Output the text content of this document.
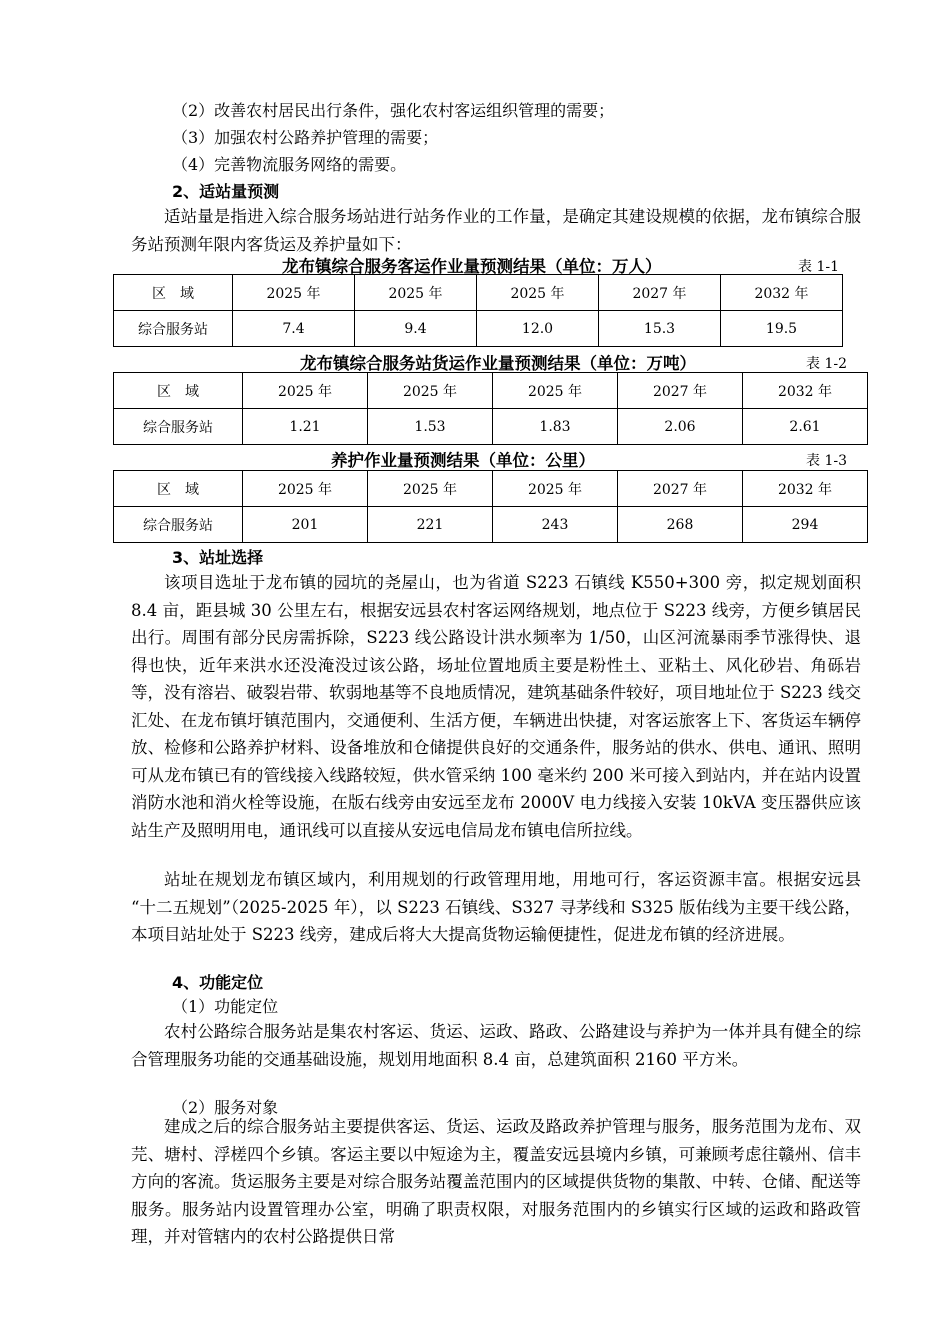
（2）改善农村居民出行条件，强化农村客运组织管理的需要；
（3）加强农村公路养护管理的需要；
（4）完善物流服务网络的需要。
2、适站量预测
适站量是指进入综合服务场站进行站务作业的工作量，是确定其建设规模的依据，龙布镇综合服务站预测年限内客货运及养护量如下：
龙布镇综合服务客运作业量预测结果（单位：万人）	表 1-1
区　域	2025 年	2025 年	2025 年	2027 年	2032 年
综合服务站	7.4	9.4	12.0	15.3	19.5
龙布镇综合服务站货运作业量预测结果（单位：万吨）	表 1-2
区　域	2025 年	2025 年	2025 年	2027 年	2032 年
综合服务站	1.21	1.53	1.83	2.06	2.61
养护作业量预测结果（单位：公里）	表 1-3
区　域	2025 年	2025 年	2025 年	2027 年	2032 年
综合服务站	201	221	243	268	294
3、站址选择
该项目选址于龙布镇的园坑的尧屋山，也为省道 S223 石镇线 K550+300 旁，拟定规划面积 8.4 亩，距县城 30 公里左右，根据安远县农村客运网络规划，地点位于 S223 线旁，方便乡镇居民出行。周围有部分民房需拆除，S223 线公路设计洪水频率为 1/50，山区河流暴雨季节涨得快、退得也快，近年来洪水还没淹没过该公路，场址位置地质主要是粉性土、亚粘土、风化砂岩、角砾岩等，没有溶岩、破裂岩带、软弱地基等不良地质情况，建筑基础条件较好，项目地址位于 S223 线交汇处、在龙布镇圩镇范围内，交通便利、生活方便，车辆进出快捷，对客运旅客上下、客货运车辆停放、检修和公路养护材料、设备堆放和仓储提供良好的交通条件，服务站的供水、供电、通讯、照明可从龙布镇已有的管线接入线路较短，供水管采纳 100 毫米约 200 米可接入到站内，并在站内设置消防水池和消火栓等设施，在版右线旁由安远至龙布 2000V 电力线接入安装 10kVA 变压器供应该站生产及照明用电，通讯线可以直接从安远电信局龙布镇电信所拉线。
站址在规划龙布镇区域内，利用规划的行政管理用地，用地可行，客运资源丰富。根据安远县 “十二五规划”（2025-2025 年），以 S223 石镇线、S327 寻茅线和 S325 版佑线为主要干线公路，本项目站址处于 S223 线旁，建成后将大大提高货物运输便捷性，促进龙布镇的经济进展。
4、功能定位
（1）功能定位
农村公路综合服务站是集农村客运、货运、运政、路政、公路建设与养护为一体并具有健全的综合管理服务功能的交通基础设施，规划用地面积 8.4 亩，总建筑面积 2160 平方米。
（2）服务对象
建成之后的综合服务站主要提供客运、货运、运政及路政养护管理与服务，服务范围为龙布、双芫、塘村、浮槎四个乡镇。客运主要以中短途为主，覆盖安远县境内乡镇，可兼顾考虑往赣州、信丰方向的客流。货运服务主要是对综合服务站覆盖范围内的区域提供货物的集散、中转、仓储、配送等服务。服务站内设置管理办公室，明确了职责权限，对服务范围内的乡镇实行区域的运政和路政管理，并对管辖内的农村公路提供日常
